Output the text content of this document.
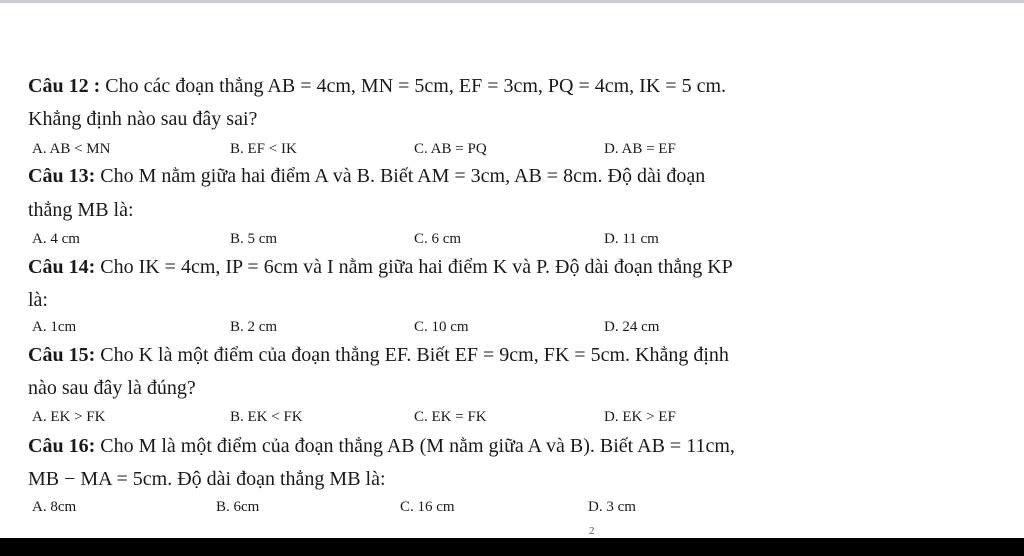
Câu 12 : Cho các đoạn thẳng AB = 4cm, MN = 5cm, EF = 3cm, PQ = 4cm, IK = 5 cm.
Khẳng định nào sau đây sai?
A. AB < MN	B. EF < IK	C. AB = PQ	D. AB = EF
Câu 13: Cho M nằm giữa hai điểm A và B. Biết AM = 3cm, AB = 8cm. Độ dài đoạn
thẳng MB là:
A. 4 cm	B. 5 cm	C. 6 cm	D. 11 cm
Câu 14: Cho IK = 4cm, IP = 6cm và I nằm giữa hai điểm K và P. Độ dài đoạn thẳng KP
là:
A. 1cm	B. 2 cm	C. 10 cm	D. 24 cm
Câu 15: Cho K là một điểm của đoạn thẳng EF. Biết EF = 9cm, FK = 5cm. Khẳng định
nào sau đây là đúng?
A. EK > FK	B. EK < FK	C. EK = FK	D. EK > EF
Câu 16: Cho M là một điểm của đoạn thẳng AB (M nằm giữa A và B). Biết AB = 11cm,
MB − MA = 5cm. Độ dài đoạn thẳng MB là:
A. 8cm	B. 6cm	C. 16 cm	D. 3 cm
2
